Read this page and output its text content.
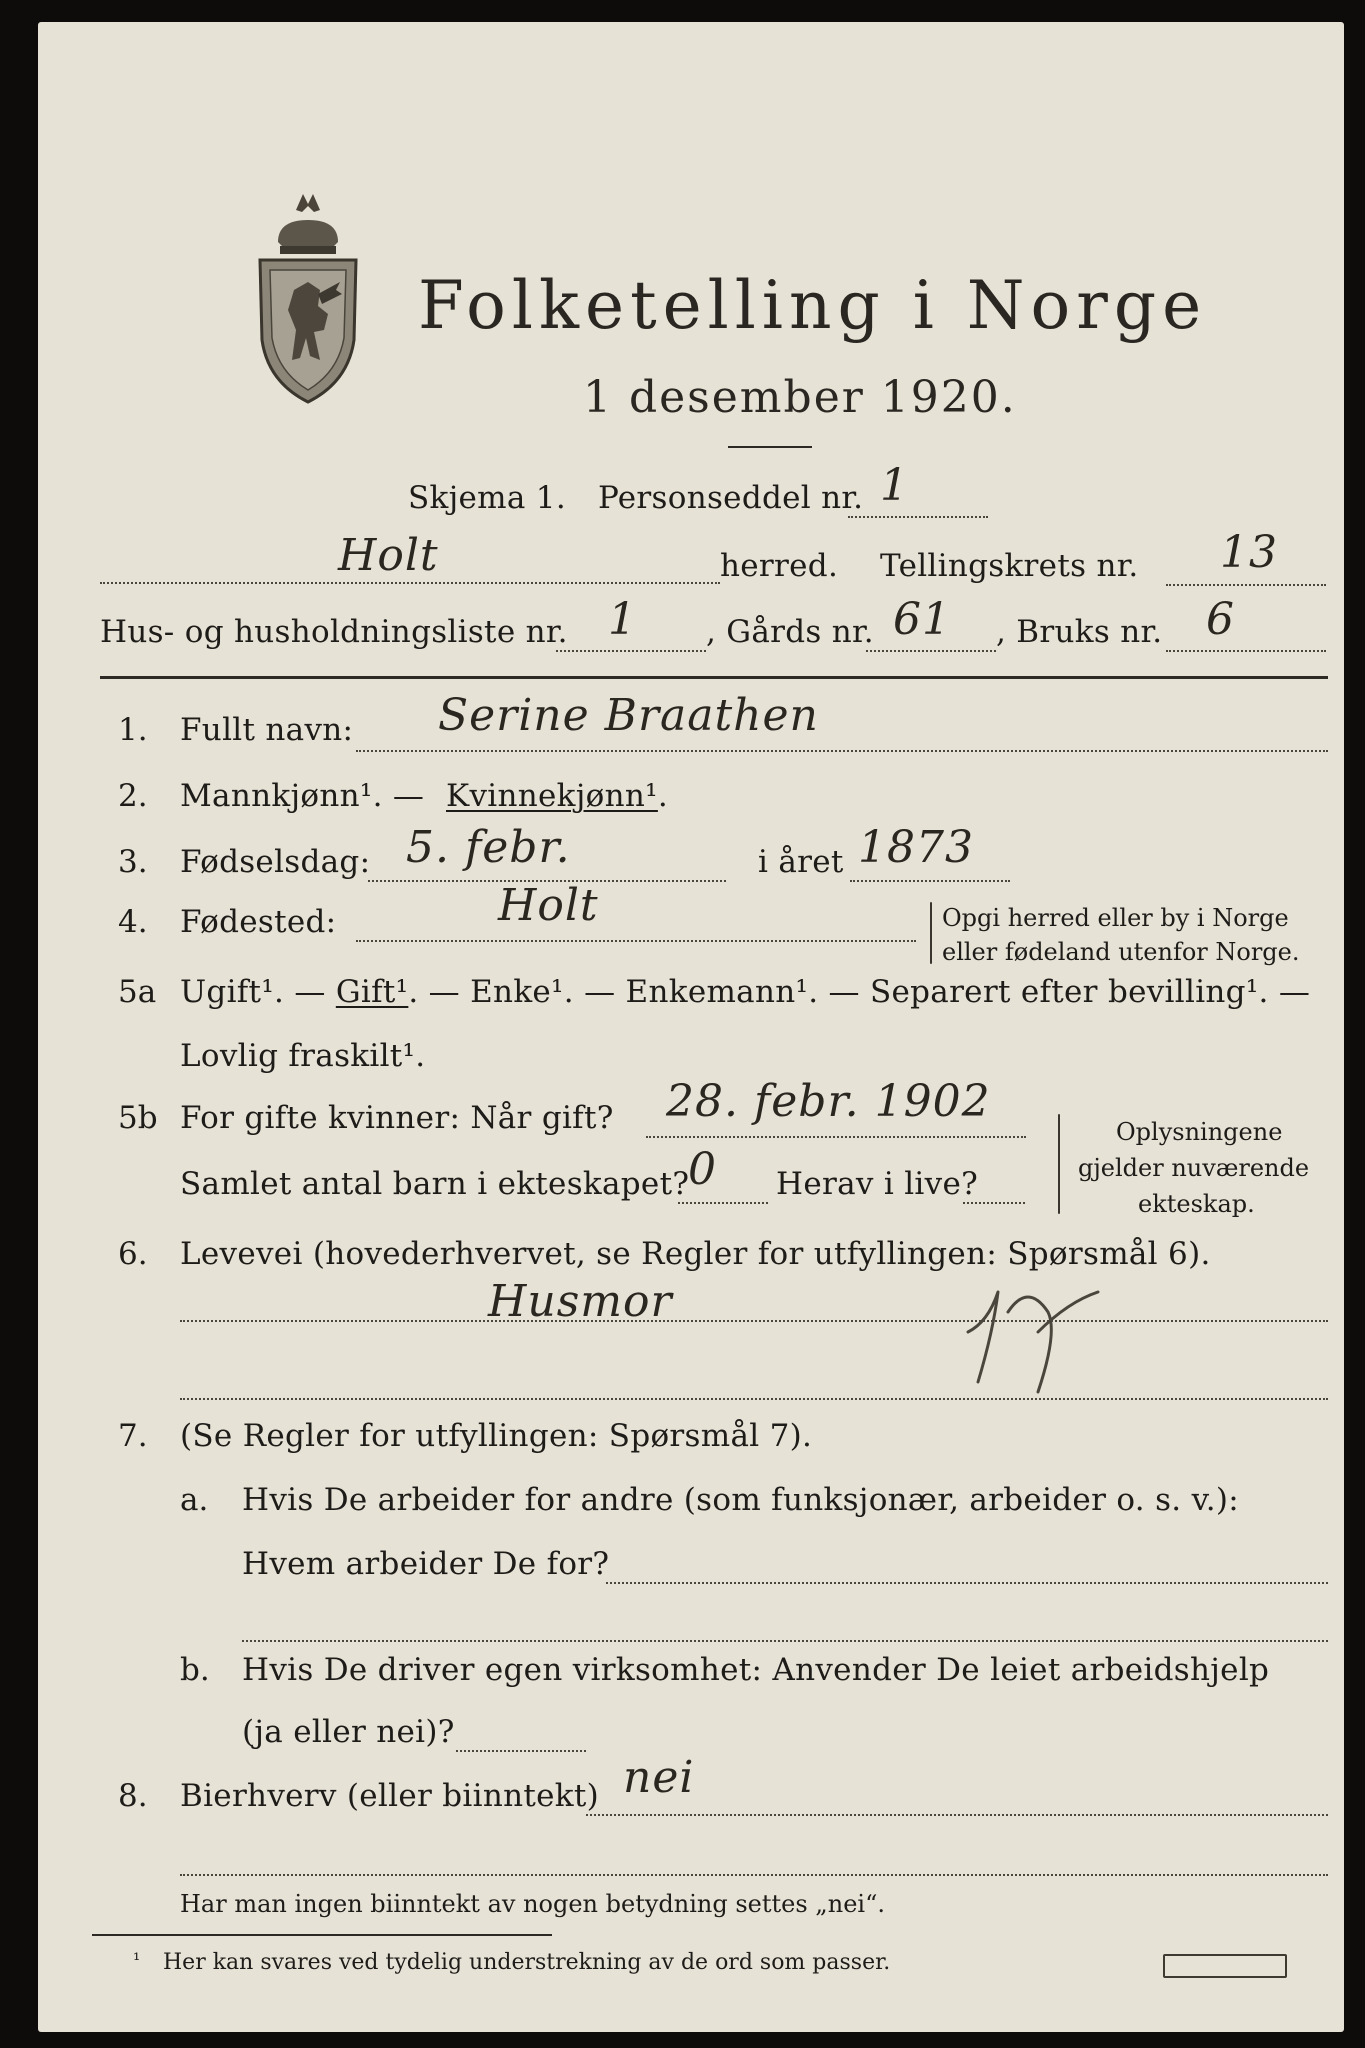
Folketelling i Norge
1 desember 1920.
Skjema 1. Personseddel nr. 1
Holt	herred. Tellingskrets nr. 13
Hus- og husholdningsliste nr. 1 , Gårds nr. 61 , Bruks nr. 6
1. Fullt navn: Serine Braathen
2. Mannkjønn¹. — Kvinnekjønn¹.
3. Fødselsdag: 5. febr.	i året 1873
4. Fødested:	Holt	Opgi herred eller by i Norge
eller fødeland utenfor Norge.
5a Ugift¹. — Gift¹. — Enke¹. — Enkemann¹. — Separert efter bevilling¹. —
Lovlig fraskilt¹.
5b For gifte kvinner: Når gift? 28. febr. 1902
Samlet antal barn i ekteskapet?
0 Herav i live?
Oplysningene
gjelder nuværende
ekteskap.
6. Levevei (hovederhvervet, se Regler for utfyllingen: Spørsmål 6).
Husmor
7. (Se Regler for utfyllingen: Spørsmål 7).
a. Hvis De arbeider for andre (som funksjonær, arbeider o. s. v.):
Hvem arbeider De for?
b. Hvis De driver egen virksomhet: Anvender De leiet arbeidshjelp
(ja eller nei)?
8. Bierhverv (eller biinntekt) nei
Har man ingen biinntekt av nogen betydning settes „nei“.
¹ Her kan svares ved tydelig understrekning av de ord som passer.
